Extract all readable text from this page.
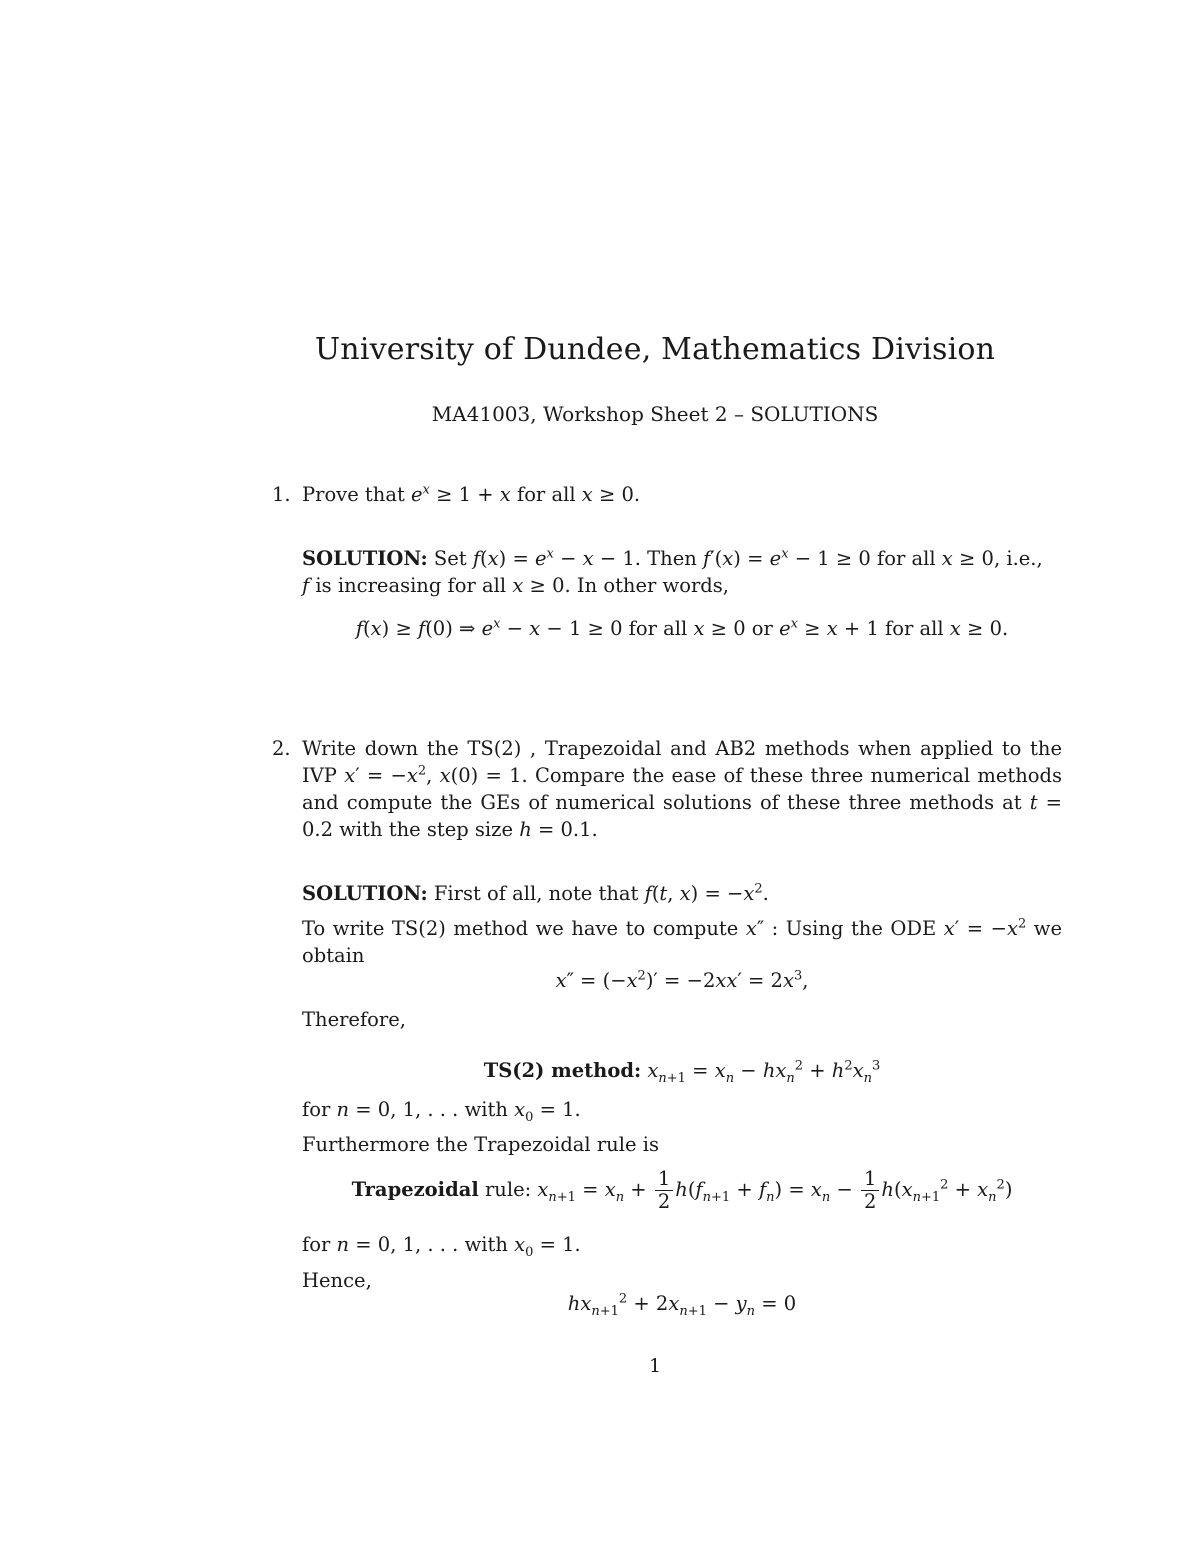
University of Dundee, Mathematics Division
MA41003, Workshop Sheet 2 – SOLUTIONS
1. Prove that $e^x \ge 1 + x$ for all x ≥ 0.
SOLUTION: Set $f(x) = e^x - x - 1$. Then $f'(x) = e^x - 1 \ge 0$ for all x ≥ 0, i.e.,
f is increasing for all x ≥ 0. In other words,
f(x) ≥ f(0) ⇒ $e^x - x - 1 \ge 0$ for all x ≥ 0 or $e^x \ge x + 1$ for all x ≥ 0.
2. Write down the TS(2) , Trapezoidal and AB2 methods when applied to the IVP $x' = -x^2$, x(0) = 1. Compare the ease of these three numerical methods and compute the GEs of numerical solutions of these three methods at t = 0.2 with the step size h = 0.1.
SOLUTION: First of all, note that f(t, $x) = -x^2$.
To write TS(2) method we have to compute x″ : Using the ODE $x' = -x^2$ we obtain
$x'' = (-x^2)' = -2xx' = 2x^3$,
Therefore,
TS(2) method: $x_{n+1} = x_n - hx_n^2 + h^2x_n^3$
for n = 0, 1, . . . with $x_0 = 1$.
Furthermore the Trapezoidal rule is
Trapezoidal rule: $x_{n+1} = x_n + \frac{1}{2} h(f_{n+1} + f_n) = x_n - \frac{1}{2} h(x_{n+1}^2 + x_n^2)$
for n = 0, 1, . . . with $x_0 = 1$.
Hence,
$hx_{n+1}^2 + 2x_{n+1} - y_n = 0$
1
